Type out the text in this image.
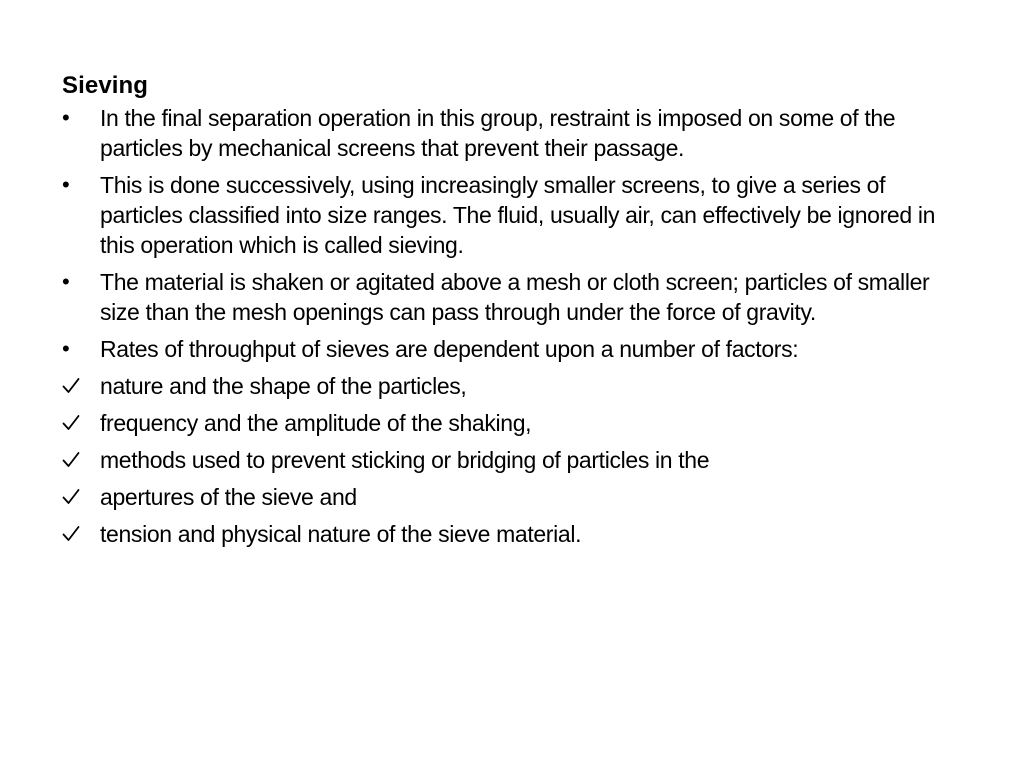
Sieving
•	In the final separation operation in this group, restraint is imposed on some of the particles by mechanical screens that prevent their passage.
•	This is done successively, using increasingly smaller screens, to give a series of particles classified into size ranges. The fluid, usually air, can effectively be ignored in this operation which is called sieving.
•	The material is shaken or agitated above a mesh or cloth screen; particles of smaller size than the mesh openings can pass through under the force of gravity.
•	Rates of throughput of sieves are dependent upon a number of factors:
nature and the shape of the particles,
frequency and the amplitude of the shaking,
methods used to prevent sticking or bridging of particles in the
apertures of the sieve and
tension and physical nature of the sieve material.
